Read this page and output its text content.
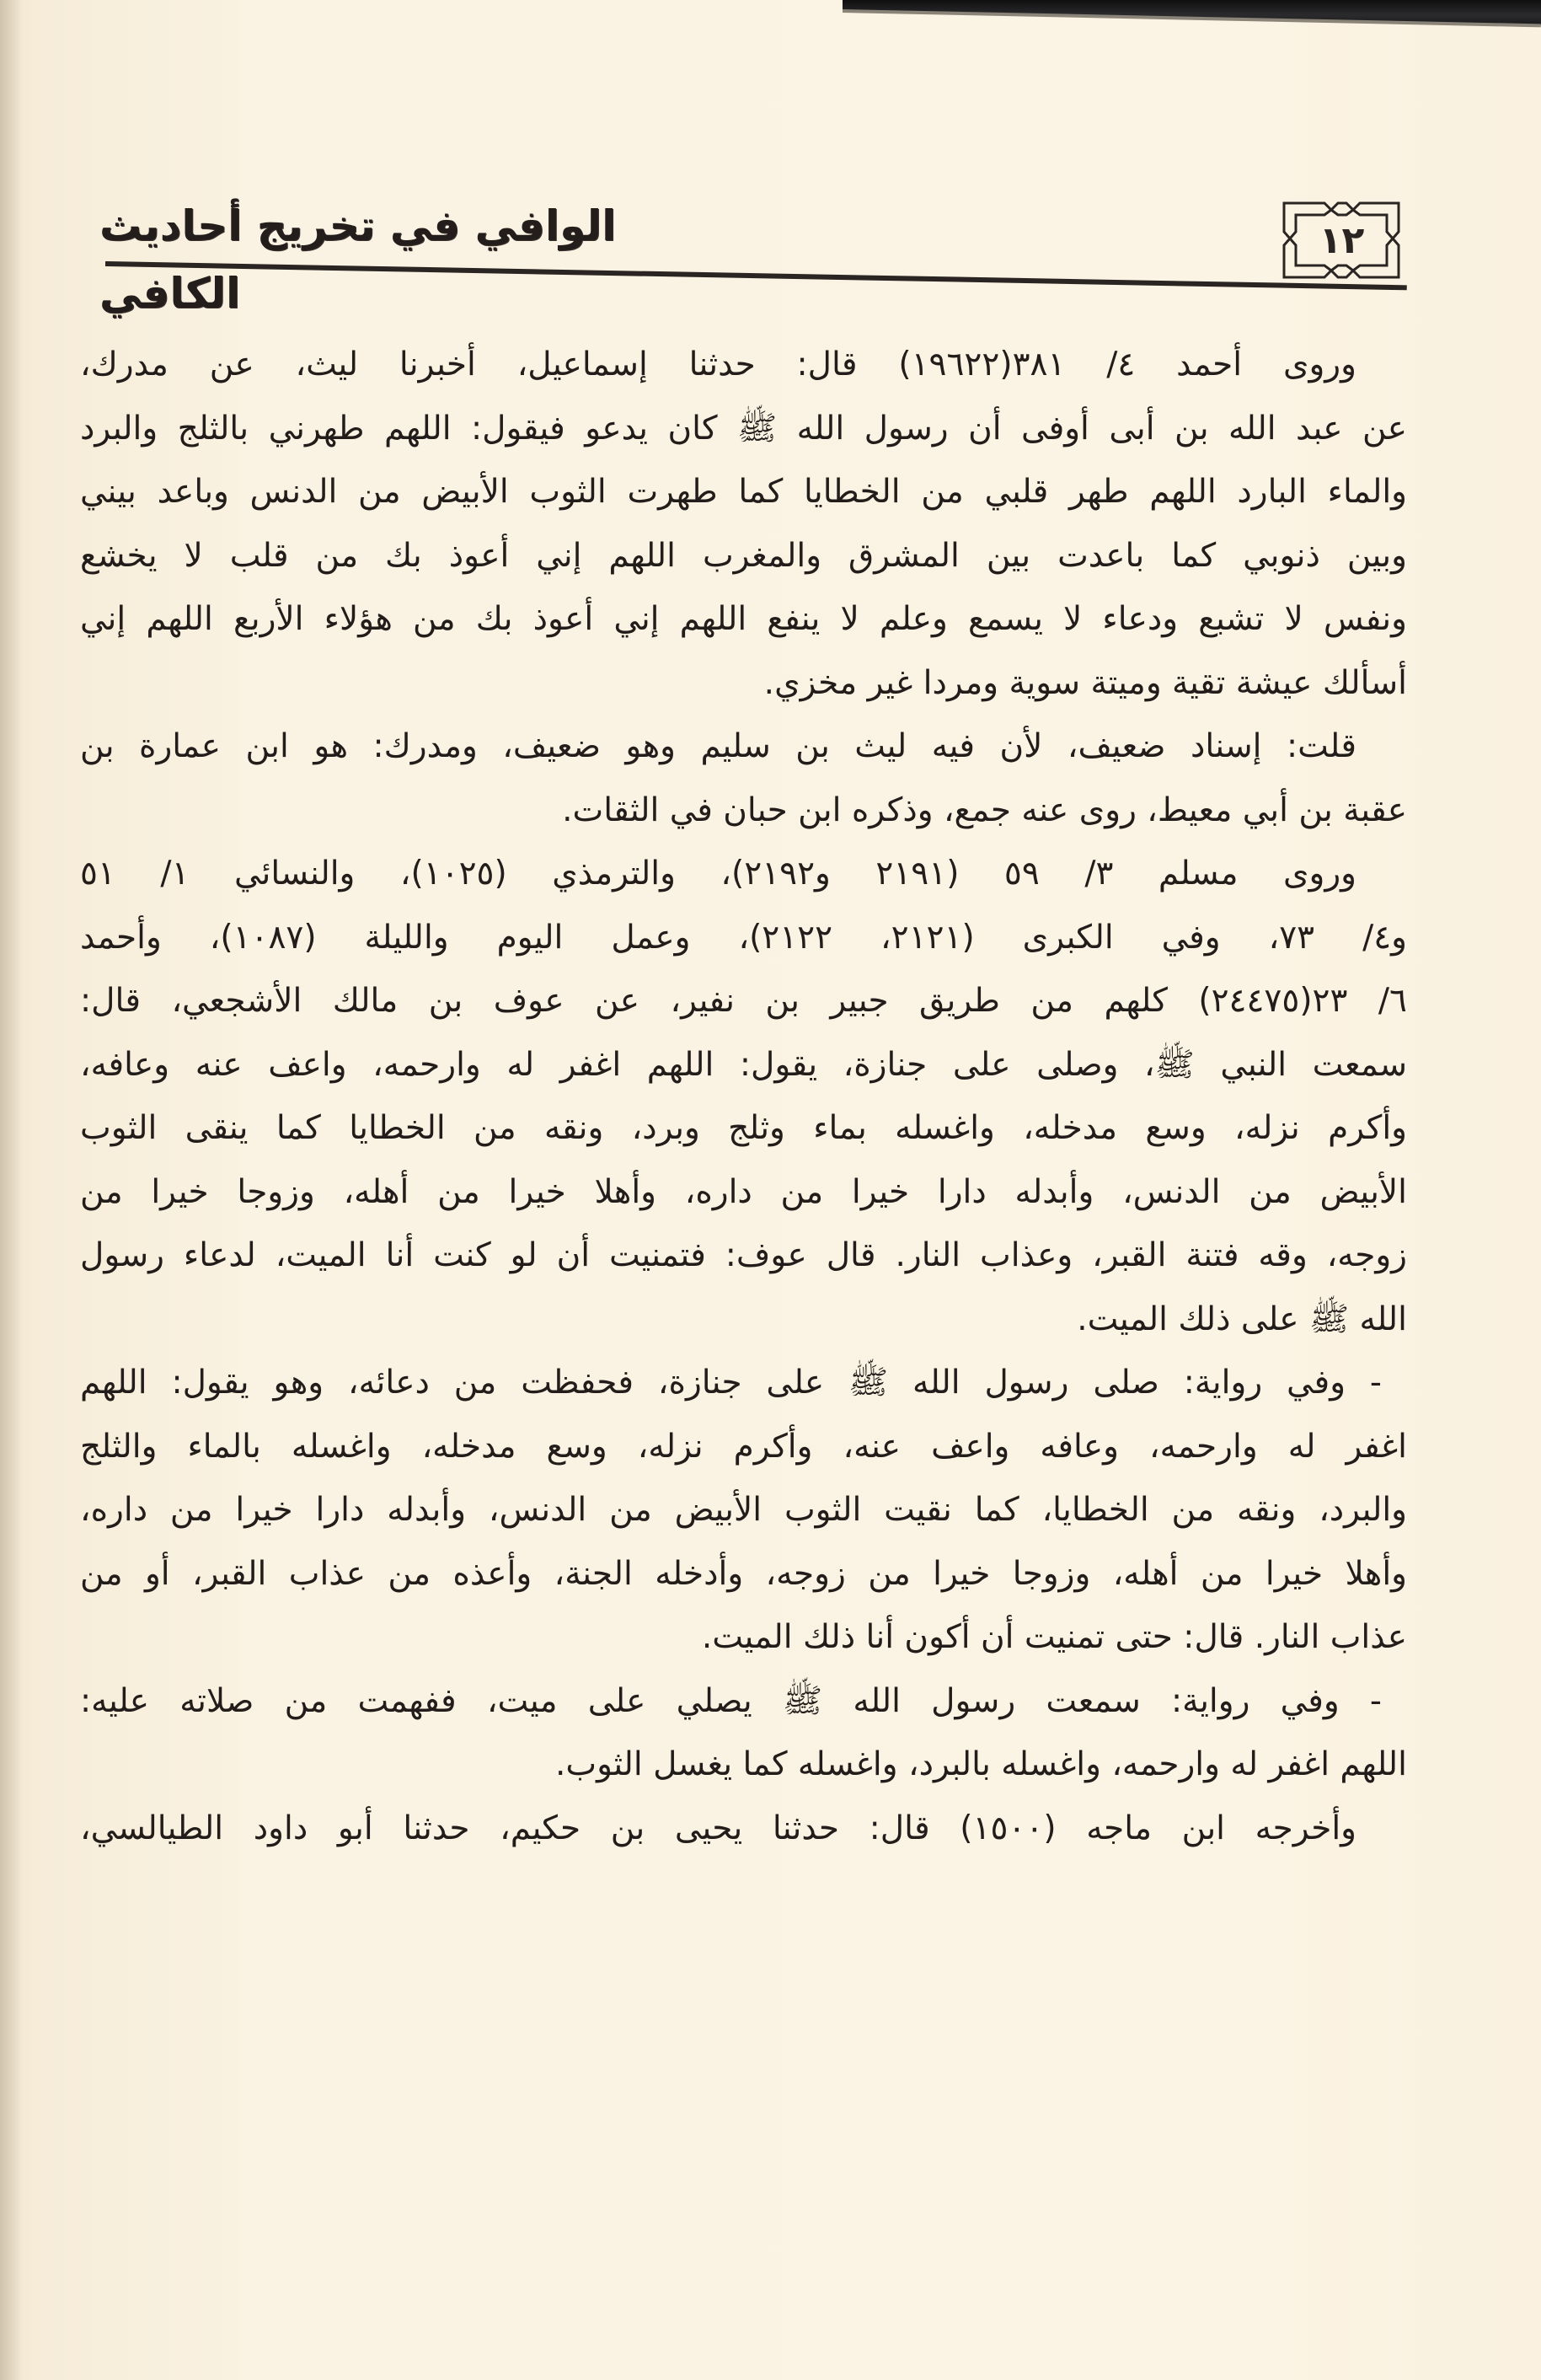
١٢
الوافي في تخريج أحاديث الكافي
وروى أحمد ٤/ ٣٨١(١٩٦٢٢) قال: حدثنا إسماعيل، أخبرنا ليث، عن مدرك،
عن عبد الله بن أبى أوفى أن رسول الله ﷺ كان يدعو فيقول: اللهم طهرني بالثلج والبرد
والماء البارد اللهم طهر قلبي من الخطايا كما طهرت الثوب الأبيض من الدنس وباعد بيني
وبين ذنوبي كما باعدت بين المشرق والمغرب اللهم إني أعوذ بك من قلب لا يخشع
ونفس لا تشبع ودعاء لا يسمع وعلم لا ينفع اللهم إني أعوذ بك من هؤلاء الأربع اللهم إني
أسألك عيشة تقية وميتة سوية ومردا غير مخزي.
قلت: إسناد ضعيف، لأن فيه ليث بن سليم وهو ضعيف، ومدرك: هو ابن عمارة بن
عقبة بن أبي معيط، روى عنه جمع، وذكره ابن حبان في الثقات.
وروى مسلم ٣/ ٥٩ (٢١٩١ و٢١٩٢)، والترمذي (١٠٢٥)، والنسائي ١/ ٥١
و٤/ ٧٣، وفي الكبرى (٢١٢١، ٢١٢٢)، وعمل اليوم والليلة (١٠٨٧)، وأحمد
٦/ ٢٣(٢٤٤٧٥) كلهم من طريق جبير بن نفير، عن عوف بن مالك الأشجعي، قال:
سمعت النبي ﷺ، وصلى على جنازة، يقول: اللهم اغفر له وارحمه، واعف عنه وعافه،
وأكرم نزله، وسع مدخله، واغسله بماء وثلج وبرد، ونقه من الخطايا كما ينقى الثوب
الأبيض من الدنس، وأبدله دارا خيرا من داره، وأهلا خيرا من أهله، وزوجا خيرا من
زوجه، وقه فتنة القبر، وعذاب النار. قال عوف: فتمنيت أن لو كنت أنا الميت، لدعاء رسول
الله ﷺ على ذلك الميت.
- وفي رواية: صلى رسول الله ﷺ على جنازة، فحفظت من دعائه، وهو يقول: اللهم
اغفر له وارحمه، وعافه واعف عنه، وأكرم نزله، وسع مدخله، واغسله بالماء والثلج
والبرد، ونقه من الخطايا، كما نقيت الثوب الأبيض من الدنس، وأبدله دارا خيرا من داره،
وأهلا خيرا من أهله، وزوجا خيرا من زوجه، وأدخله الجنة، وأعذه من عذاب القبر، أو من
عذاب النار. قال: حتى تمنيت أن أكون أنا ذلك الميت.
- وفي رواية: سمعت رسول الله ﷺ يصلي على ميت، ففهمت من صلاته عليه:
اللهم اغفر له وارحمه، واغسله بالبرد، واغسله كما يغسل الثوب.
وأخرجه ابن ماجه (١٥٠٠) قال: حدثنا يحيى بن حكيم، حدثنا أبو داود الطيالسي،
